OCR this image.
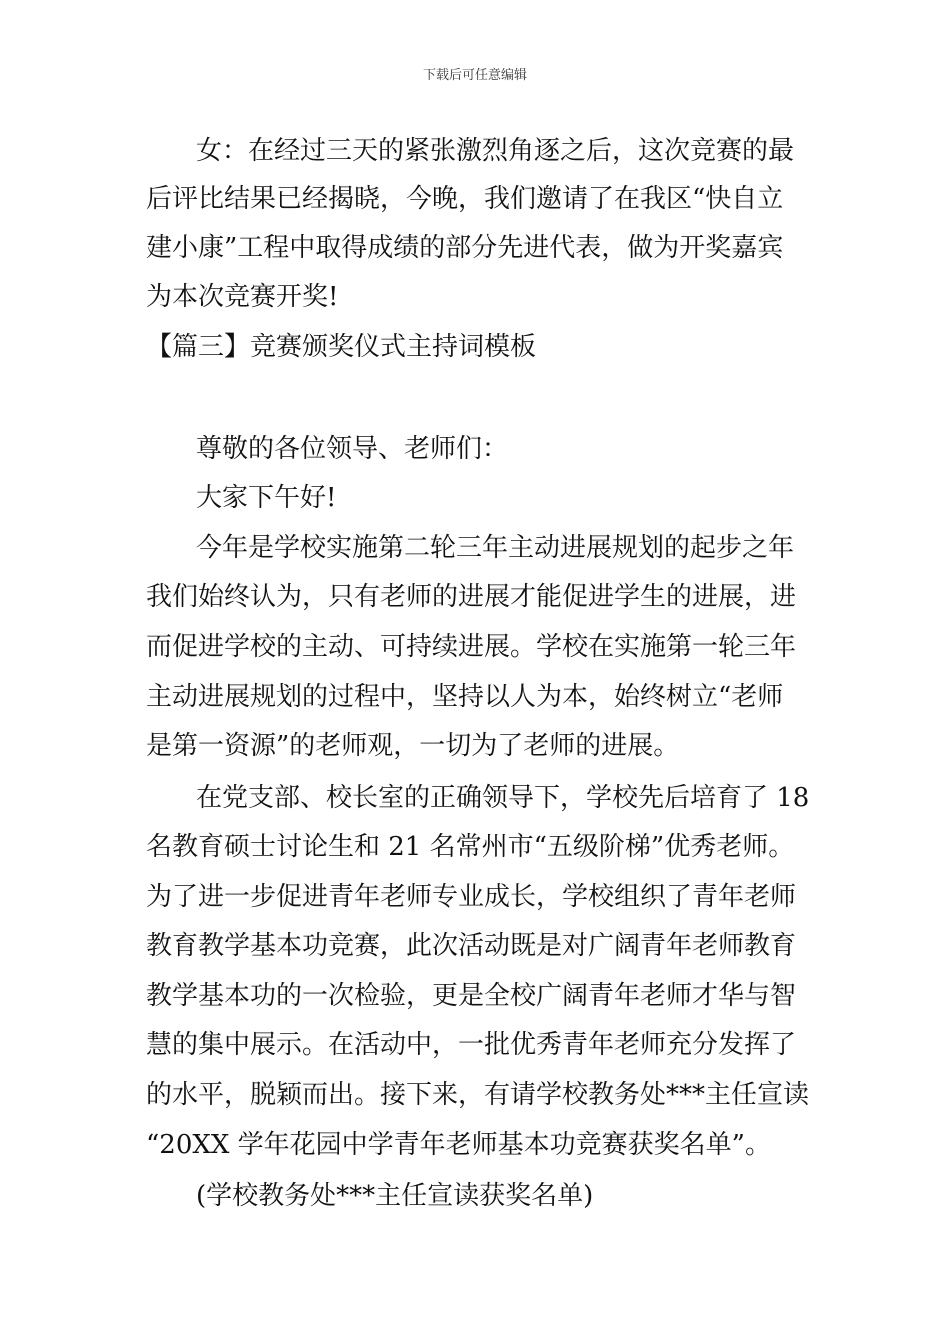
下载后可任意编辑
女：在经过三天的紧张激烈角逐之后，这次竞赛的最
后评比结果已经揭晓，今晚，我们邀请了在我区“快自立
建小康”工程中取得成绩的部分先进代表，做为开奖嘉宾
为本次竞赛开奖!
【篇三】竞赛颁奖仪式主持词模板
尊敬的各位领导、老师们：
大家下午好!
今年是学校实施第二轮三年主动进展规划的起步之年
我们始终认为，只有老师的进展才能促进学生的进展，进
而促进学校的主动、可持续进展。学校在实施第一轮三年
主动进展规划的过程中，坚持以人为本，始终树立“老师
是第一资源”的老师观，一切为了老师的进展。
在党支部、校长室的正确领导下，学校先后培育了 18
名教育硕士讨论生和 21 名常州市“五级阶梯”优秀老师。
为了进一步促进青年老师专业成长，学校组织了青年老师
教育教学基本功竞赛，此次活动既是对广阔青年老师教育
教学基本功的一次检验，更是全校广阔青年老师才华与智
慧的集中展示。在活动中，一批优秀青年老师充分发挥了
的水平，脱颖而出。接下来，有请学校教务处***主任宣读
“20XX 学年花园中学青年老师基本功竞赛获奖名单”。
(学校教务处***主任宣读获奖名单)
